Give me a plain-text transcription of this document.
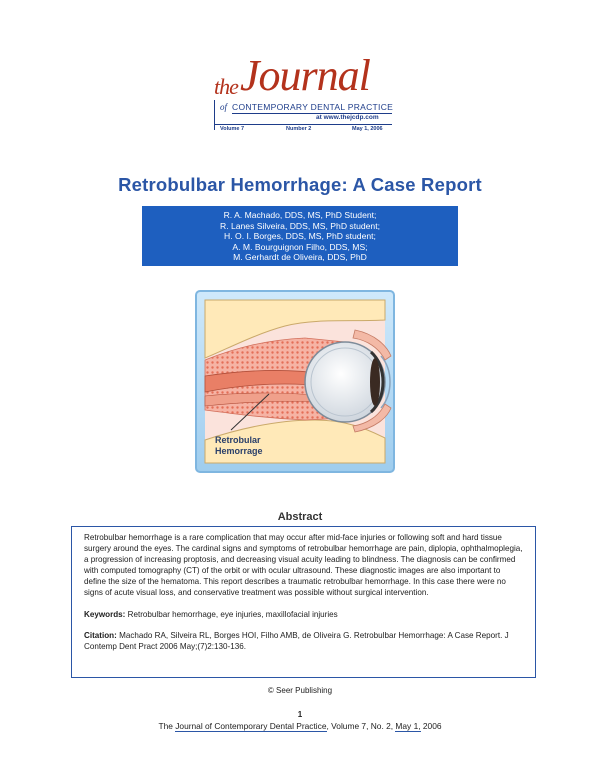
Journal
the
of CONTEMPORARY DENTAL PRACTICE
at www.thejcdp.com
Volume 7	Number 2	May 1, 2006
Retrobulbar Hemorrhage: A Case Report
R. A. Machado, DDS, MS, PhD Student;
R. Lanes Silveira, DDS, MS, PhD student;
H. O. I. Borges, DDS, MS, PhD student;
A. M. Bourguignon Filho, DDS, MS;
M. Gerhardt de Oliveira, DDS, PhD
Retrobular
Hemorrage
Abstract

Retrobulbar hemorrhage is a rare complication that may occur after mid-face injuries or following soft and hard tissue surgery around the eyes. The cardinal signs and symptoms of retrobulbar hemorrhage are pain, diplopia, ophthalmoplegia, a progression of increasing proptosis, and decreasing visual acuity leading to blindness. The diagnosis can be confirmed with computed tomography (CT) of the orbit or with ocular ultrasound. These diagnostic images are also important to define the size of the hematoma. This report describes a traumatic retrobulbar hemorrhage. In this case there were no signs of acute visual loss, and conservative treatment was possible without surgical intervention.

Keywords: Retrobulbar hemorrhage, eye injuries, maxillofacial injuries

Citation: Machado RA, Silveira RL, Borges HOI, Filho AMB, de Oliveira G. Retrobulbar Hemorrhage: A Case Report. J Contemp Dent Pract 2006 May;(7)2:130-136.

© Seer Publishing
1
The Journal of Contemporary Dental Practice, Volume 7, No. 2, May 1, 2006
